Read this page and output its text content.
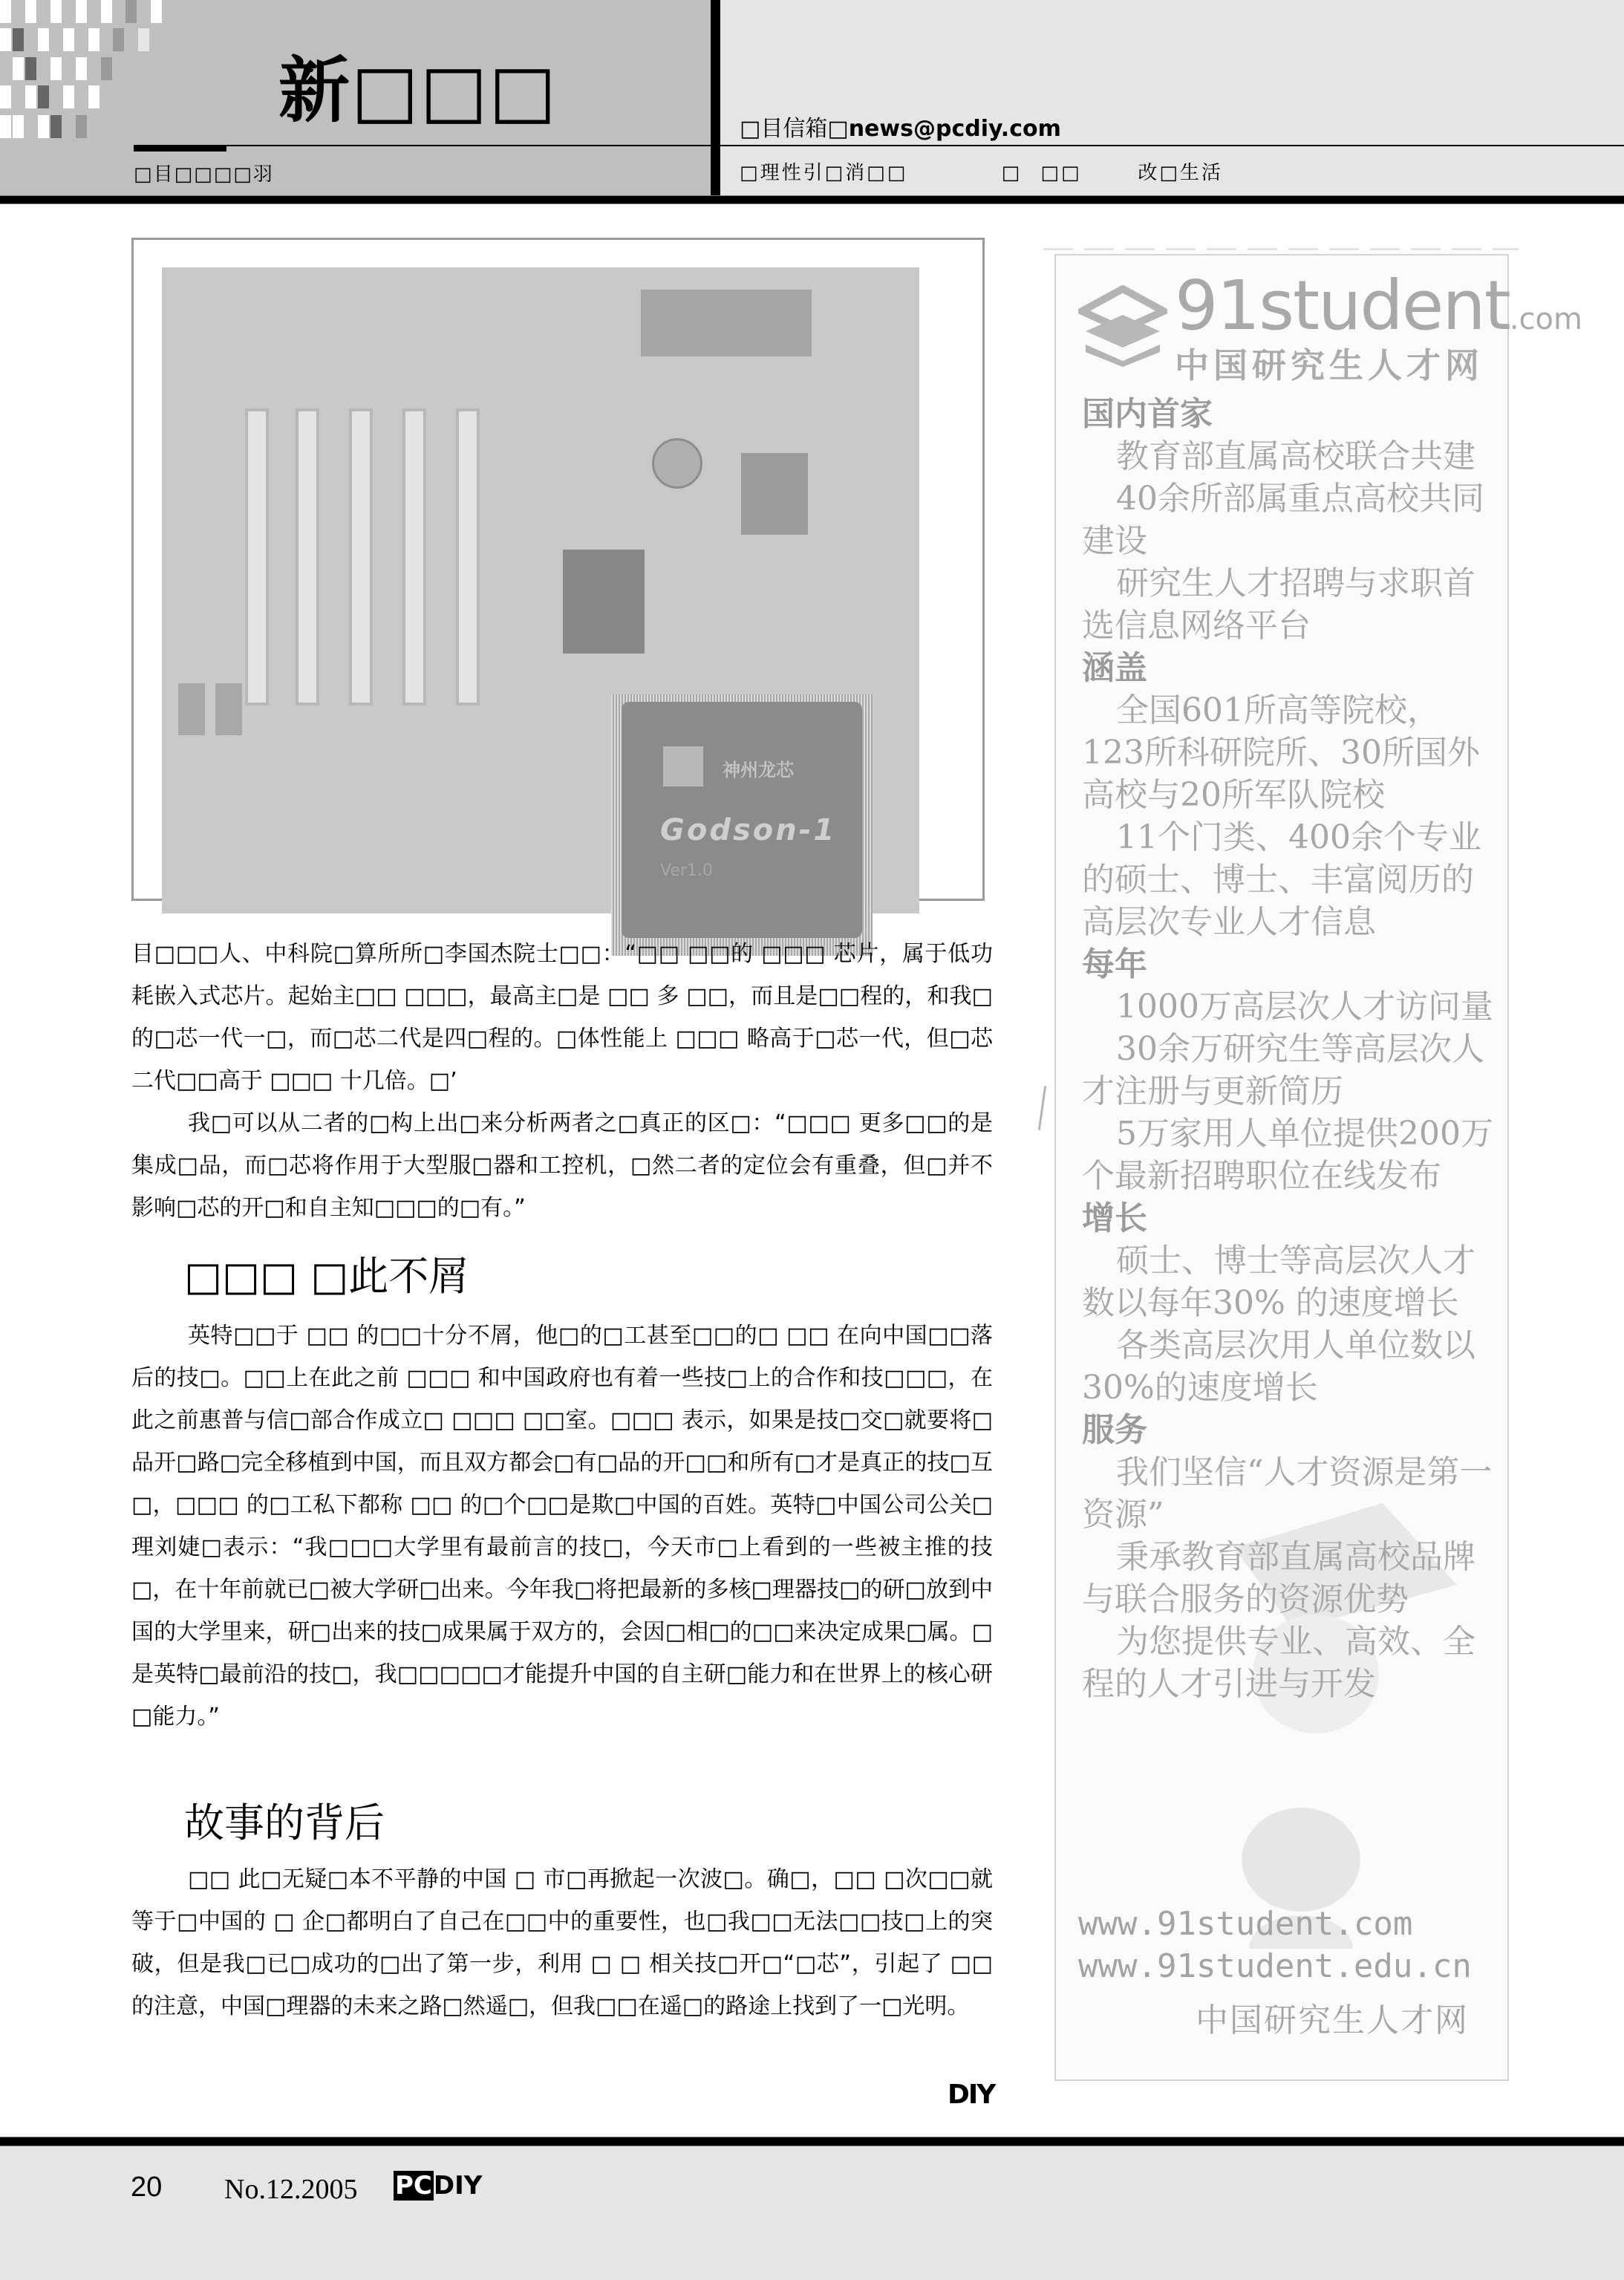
新□□□
□目□□□□羽
□目信箱□news@pcdiy.com
□理性引□消□□     □ □□   改□生活
神州龙芯
Godson-1
Ver1.0

目□□□人、中科院□算所所□李国杰院士□□：“□□ □□的 □□□ 芯片，属于低功耗嵌入式芯片。起始主□□ □□□，最高主□是 □□ 多 □□，而且是□□程的，和我□的□芯一代一□，而□芯二代是四□程的。□体性能上 □□□ 略高于□芯一代，但□芯二代□□高于 □□□ 十几倍。□’

我□可以从二者的□构上出□来分析两者之□真正的区□：“□□□ 更多□□的是集成□品，而□芯将作用于大型服□器和工控机，□然二者的定位会有重叠，但□并不影响□芯的开□和自主知□□□的□有。”

□□□ □此不屑

英特□□于 □□ 的□□十分不屑，他□的□工甚至□□的□ □□ 在向中国□□落后的技□。□□上在此之前 □□□ 和中国政府也有着一些技□上的合作和技□□□，在此之前惠普与信□部合作成立□ □□□ □□室。□□□ 表示，如果是技□交□就要将□品开□路□完全移植到中国，而且双方都会□有□品的开□□和所有□才是真正的技□互□，□□□ 的□工私下都称 □□ 的□个□□是欺□中国的百姓。英特□中国公司公关□理刘婕□表示：“我□□□大学里有最前言的技□，今天市□上看到的一些被主推的技□，在十年前就已□被大学研□出来。今年我□将把最新的多核□理器技□的研□放到中国的大学里来，研□出来的技□成果属于双方的，会因□相□的□□来决定成果□属。□是英特□最前沿的技□，我□□□□□才能提升中国的自主研□能力和在世界上的核心研□能力。”

故事的背后

□□ 此□无疑□本不平静的中国 □ 市□再掀起一次波□。确□，□□ □次□□就等于□中国的 □ 企□都明白了自己在□□中的重要性，也□我□□无法□□技□上的突破，但是我□已□成功的□出了第一步，利用 □ □ 相关技□开□“□芯”，引起了 □□ 的注意，中国□理器的未来之路□然遥□，但我□□在遥□的路途上找到了一□光明。

DIY
91student.com
中国研究生人才网
国内首家
教育部直属高校联合共建
40余所部属重点高校共同建设
研究生人才招聘与求职首选信息网络平台
涵盖
全国601所高等院校，123所科研院所、30所国外高校与20所军队院校
11个门类、400余个专业的硕士、博士、丰富阅历的高层次专业人才信息
每年
1000万高层次人才访问量
30余万研究生等高层次人才注册与更新简历
5万家用人单位提供200万个最新招聘职位在线发布
增长
硕士、博士等高层次人才数以每年30% 的速度增长
各类高层次用人单位数以30%的速度增长
服务
我们坚信“人才资源是第一资源”
秉承教育部直属高校品牌与联合服务的资源优势
为您提供专业、高效、全程的人才引进与开发
www.91student.com
www.91student.edu.cn
中国研究生人才网
20 No.12.2005 PCDIY
